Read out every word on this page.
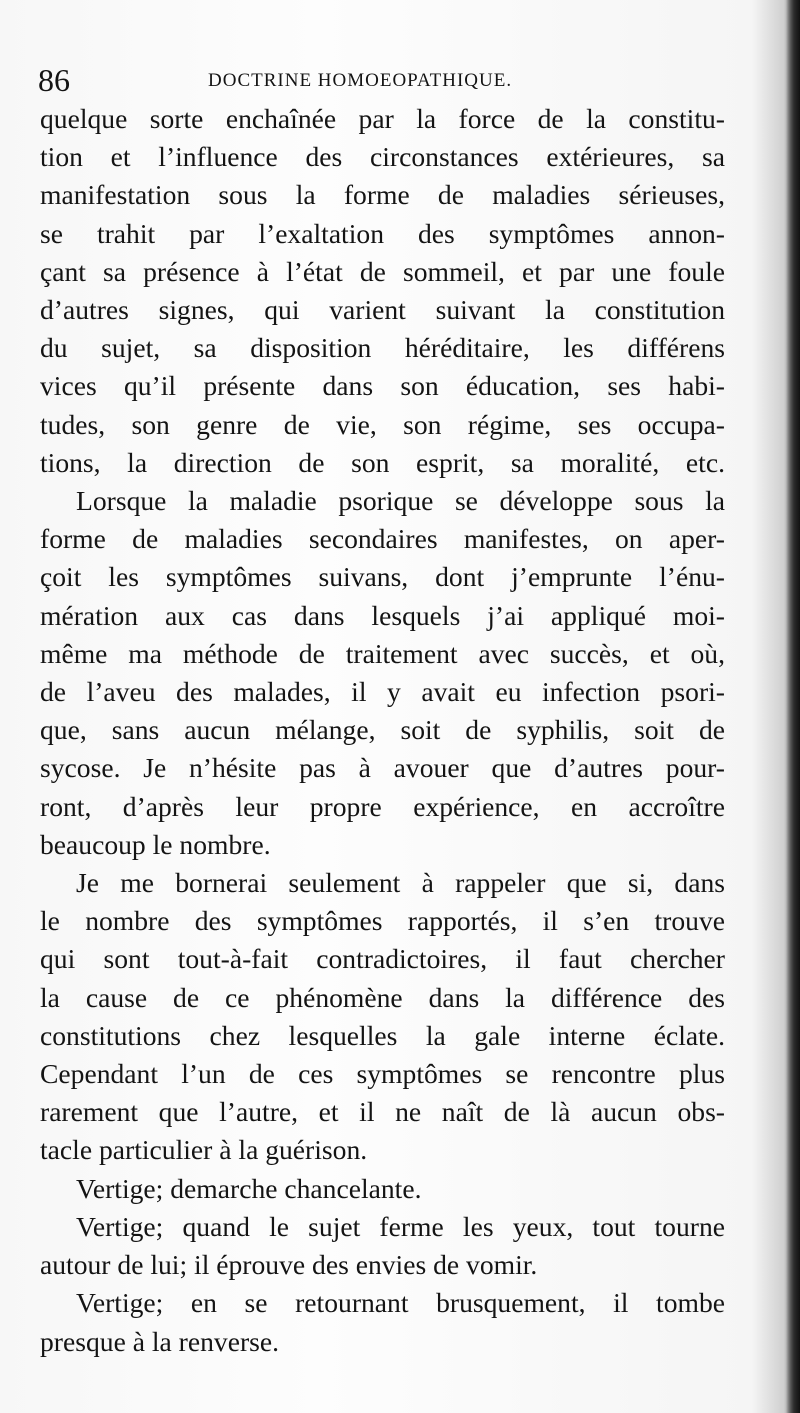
86	DOCTRINE HOMOEOPATHIQUE.
quelque sorte enchaînée par la force de la constitu-
tion et l’influence des circonstances extérieures, sa
manifestation sous la forme de maladies sérieuses,
se trahit par l’exaltation des symptômes annon-
çant sa présence à l’état de sommeil, et par une foule
d’autres signes, qui varient suivant la constitution
du sujet, sa disposition héréditaire, les différens
vices qu’il présente dans son éducation, ses habi-
tudes, son genre de vie, son régime, ses occupa-
tions, la direction de son esprit, sa moralité, etc.
Lorsque la maladie psorique se développe sous la
forme de maladies secondaires manifestes, on aper-
çoit les symptômes suivans, dont j’emprunte l’énu-
mération aux cas dans lesquels j’ai appliqué moi-
même ma méthode de traitement avec succès, et où,
de l’aveu des malades, il y avait eu infection psori-
que, sans aucun mélange, soit de syphilis, soit de
sycose. Je n’hésite pas à avouer que d’autres pour-
ront, d’après leur propre expérience, en accroître
beaucoup le nombre.
Je me bornerai seulement à rappeler que si, dans
le nombre des symptômes rapportés, il s’en trouve
qui sont tout-à-fait contradictoires, il faut chercher
la cause de ce phénomène dans la différence des
constitutions chez lesquelles la gale interne éclate.
Cependant l’un de ces symptômes se rencontre plus
rarement que l’autre, et il ne naît de là aucun obs-
tacle particulier à la guérison.
Vertige; demarche chancelante.
Vertige; quand le sujet ferme les yeux, tout tourne
autour de lui; il éprouve des envies de vomir.
Vertige; en se retournant brusquement, il tombe
presque à la renverse.
